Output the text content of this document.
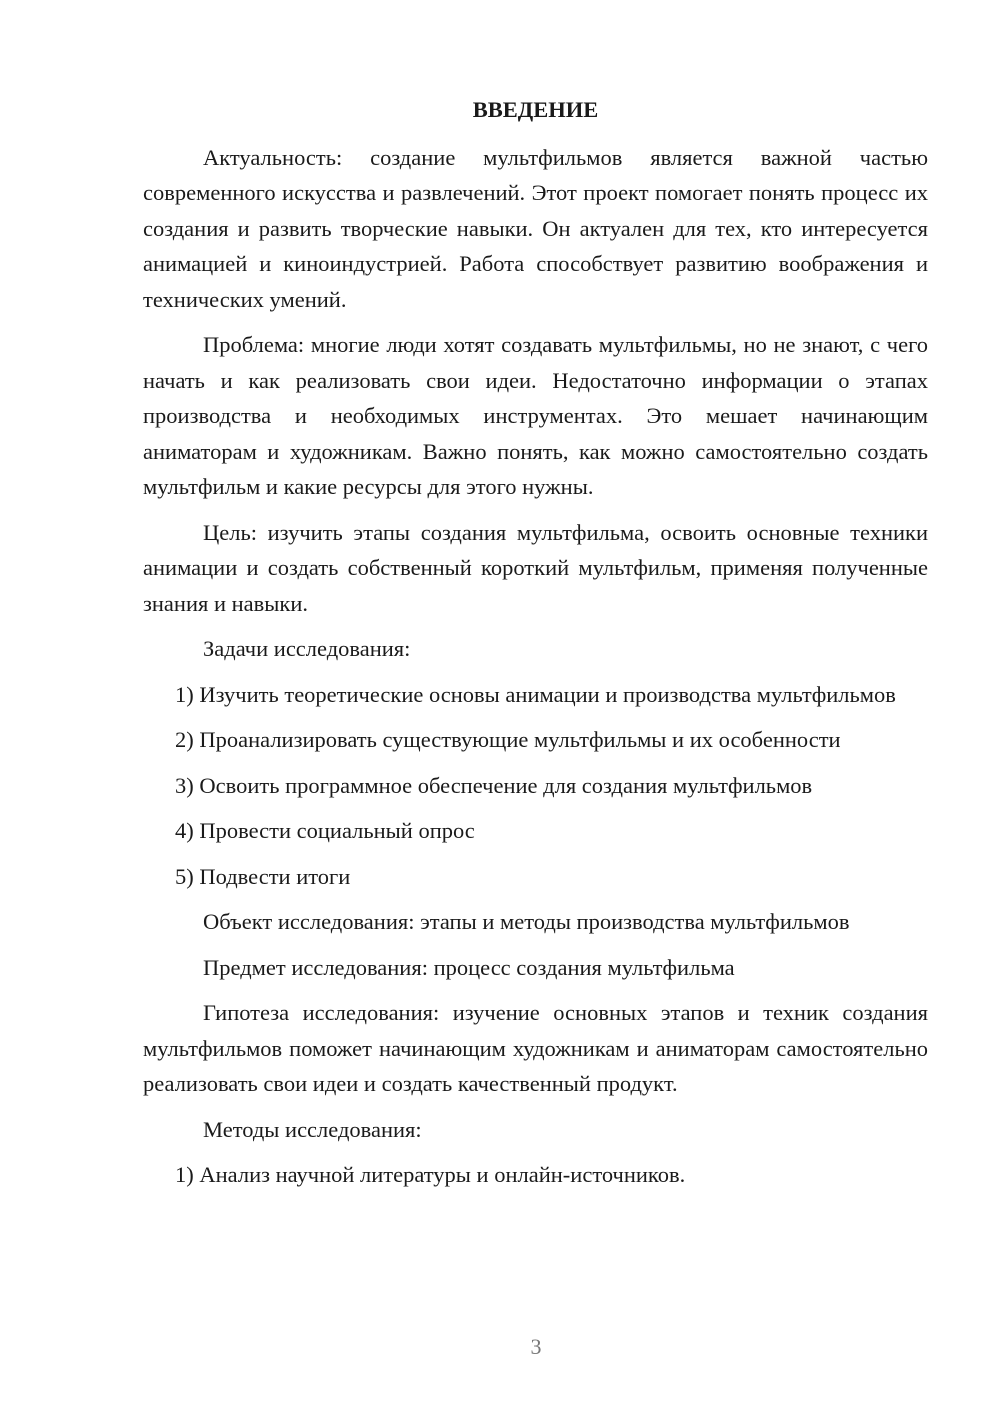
ВВЕДЕНИЕ

Актуальность: создание мультфильмов является важной частью современного искусства и развлечений. Этот проект помогает понять процесс их создания и развить творческие навыки. Он актуален для тех, кто интересуется анимацией и киноиндустрией. Работа способствует развитию воображения и технических умений.

Проблема: многие люди хотят создавать мультфильмы, но не знают, с чего начать и как реализовать свои идеи. Недостаточно информации о этапах производства и необходимых инструментах. Это мешает начинающим аниматорам и художникам. Важно понять, как можно самостоятельно создать мультфильм и какие ресурсы для этого нужны.

Цель: изучить этапы создания мультфильма, освоить основные техники анимации и создать собственный короткий мультфильм, применяя полученные знания и навыки.

Задачи исследования:
1) Изучить теоретические основы анимации и производства мультфильмов
2) Проанализировать существующие мультфильмы и их особенности
3) Освоить программное обеспечение для создания мультфильмов
4) Провести социальный опрос
5) Подвести итоги
Объект исследования: этапы и методы производства мультфильмов
Предмет исследования: процесс создания мультфильма

Гипотеза исследования: изучение основных этапов и техник создания мультфильмов поможет начинающим художникам и аниматорам самостоятельно реализовать свои идеи и создать качественный продукт.

Методы исследования:
1) Анализ научной литературы и онлайн-источников.
3
